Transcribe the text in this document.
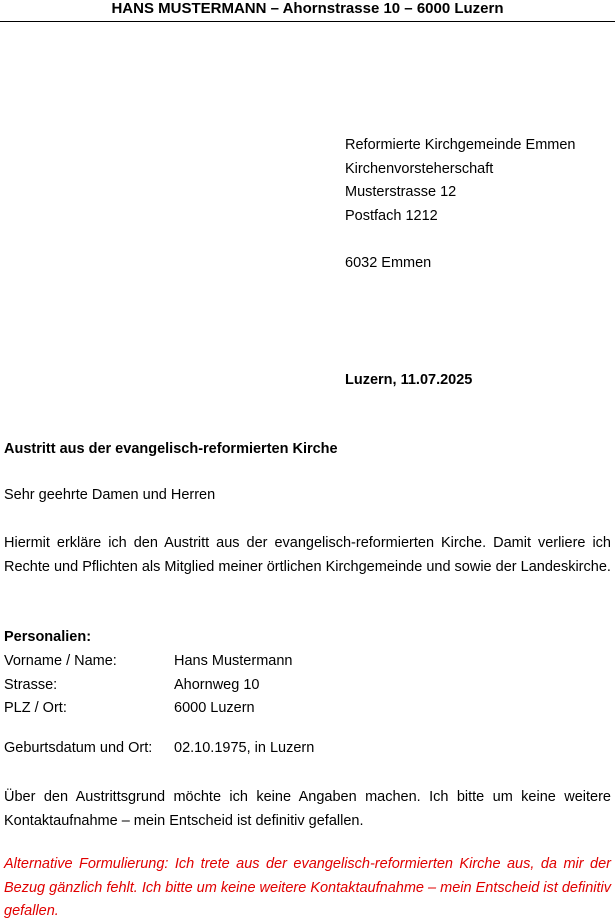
HANS MUSTERMANN – Ahornstrasse 10 – 6000 Luzern
Reformierte Kirchgemeinde Emmen
Kirchenvorsteherschaft
Musterstrasse 12
Postfach 1212
6032 Emmen
Luzern, 11.07.2025
Austritt aus der evangelisch-reformierten Kirche
Sehr geehrte Damen und Herren
Hiermit erkläre ich den Austritt aus der evangelisch-reformierten Kirche. Damit verliere ich Rechte und Pflichten als Mitglied meiner örtlichen Kirchgemeinde und sowie der Landeskirche.
Personalien:
Vorname / Name:	Hans Mustermann
Strasse:	Ahornweg 10
PLZ / Ort:	6000 Luzern
Geburtsdatum und Ort: 02.10.1975, in Luzern
Über den Austrittsgrund möchte ich keine Angaben machen. Ich bitte um keine weitere Kontaktaufnahme – mein Entscheid ist definitiv gefallen.
Alternative Formulierung: Ich trete aus der evangelisch-reformierten Kirche aus, da mir der Bezug gänzlich fehlt. Ich bitte um keine weitere Kontaktaufnahme – mein Entscheid ist definitiv gefallen.
